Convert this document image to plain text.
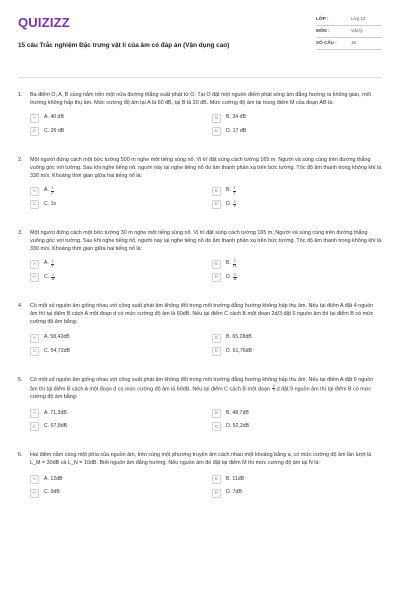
QUIZIZZ
15 câu Trắc nghiệm Đặc trưng vật lí của âm có đáp án (Vận dụng cao)
LỚP :	Lớp 12
MÔN :	Vật lý
SỐ CÂU :	15
1. Ba điểm O, A, B cùng nằm trên một nửa đường thẳng xuất phát từ O. Tại O đặt một nguồn điểm phát sóng âm đẳng hướng ra không gian, môi trường không hấp thụ âm. Mức cường độ âm tại A là 60 dB, tại B là 20 dB. Mức cường độ âm tại trung điểm M của đoạn AB là:
A	A. 40 dB	B	B. 34 dB
C	C. 26 dB	D	D. 17 dB
2. Một người đứng cách một bức tường 500 m nghe một tiếng súng nổ. Vị trí đặt súng cách tường 165 m. Người và súng cùng trên đường thẳng vuông góc với tường. Sau khi nghe tiếng nổ, người này lại nghe tiếng nổ do âm thanh phản xạ trên bức tường. Tốc độ âm thanh trong không khí là 330 m/s. Khoảng thời gian giữa hai tiếng nổ là:
A	A. $\frac{1}{2}$	B	B. $\frac{1}{3}$
C	C. 1s	D	D. $\frac{2}{3}$
3. Một người đứng cách một bức tường 30 m nghe một tiếng súng nổ. Vị trí đặt súng cách tường 165 m. Người và súng cùng trên đường thẳng vuông góc với tường. Sau khi nghe tiếng nổ, người này lại nghe tiếng nổ do âm thanh phản xạ trên bức tường. Tốc độ âm thanh trong không khí là 330 m/s. Khoảng thời gian giữa hai tiếng nổ là:
A	A. $\frac{1}{4}$	B	B. $\frac{2}{11}$
C	C. $\frac{1}{11}$	D	D. $\frac{2}{11}$
4. Có một số nguồn âm giống nhau với công suất phát âm không đổi trong môi trường đẳng hướng không hấp thụ âm. Nếu tại điểm A đặt 4 nguồn âm thì tại điểm B cách A một đoạn d có mức cường độ âm là 60dB. Nếu tại điểm C cách B một đoạn 2d/3 đặt 6 nguồn âm thì tại điểm B có mức cường độ âm bằng:
A	A. 58,42dB	B	B. 65,28dB
C	C. 54,72dB	D	D. 61,76dB
5. Có một số nguồn âm giống nhau với công suất phát âm không đổi trong môi trường đẳng hướng không hấp thụ âm. Nếu tại điểm A đặt 6 nguồn âm thì tại điểm B cách A một đoạn d có mức cường độ âm là 60dB. Nếu tại điểm C cách B một đoạn $\frac{2}{3}$ d đặt 9 nguồn âm thì tại điểm B có mức cường độ âm bằng:
A	A. 71,3dB	B	B. 48,7dB
C	C. 67,8dB	D	D. 52,2dB
6. Hai điểm nằm cùng một phía của nguồn âm, trên cùng một phương truyền âm cách nhau một khoảng bằng a, có mức cường độ âm lần lượt là L_M = 30dB và L_N = 10dB. Biết nguồn âm đẳng hướng. Nếu nguồn âm đó đặt tại điểm M thì mức cường độ âm tại N là:
A	A. 12dB	B	B. 11dB
C	C. 9dB	D	D. 7dB
